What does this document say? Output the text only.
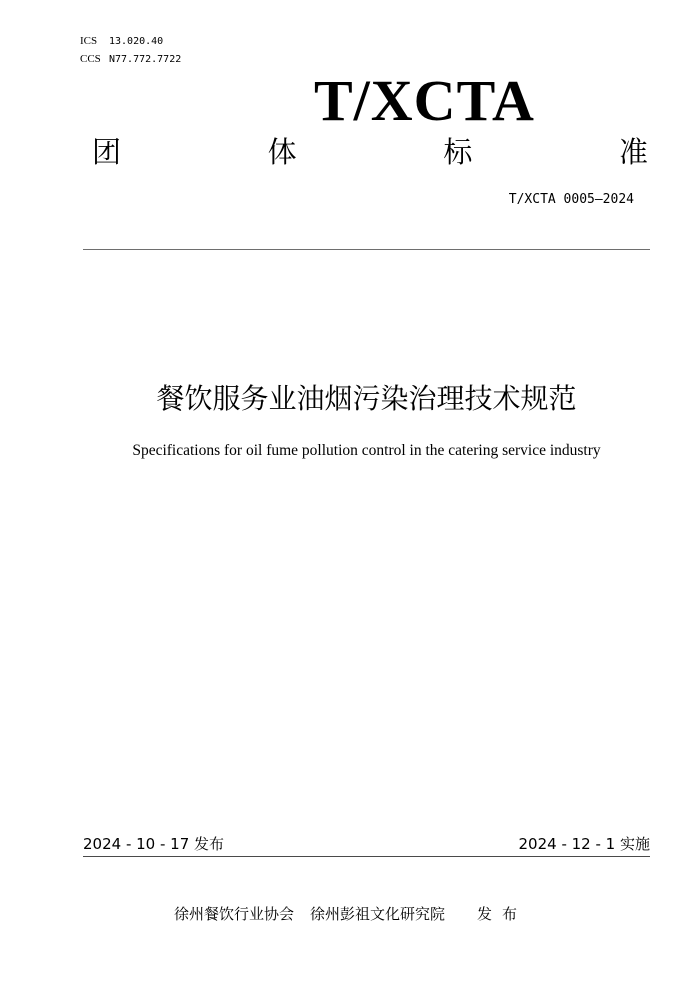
ICS 13.020.40
CCS N77.772.7722
T/XCTA
团	体	标	准
T/XCTA 0005—2024
餐饮服务业油烟污染治理技术规范
Specifications for oil fume pollution control in the catering service industry
2024 - 10 - 17 发布	2024 - 12 - 1 实施
徐州餐饮行业协会 徐州彭祖文化研究院 发布
